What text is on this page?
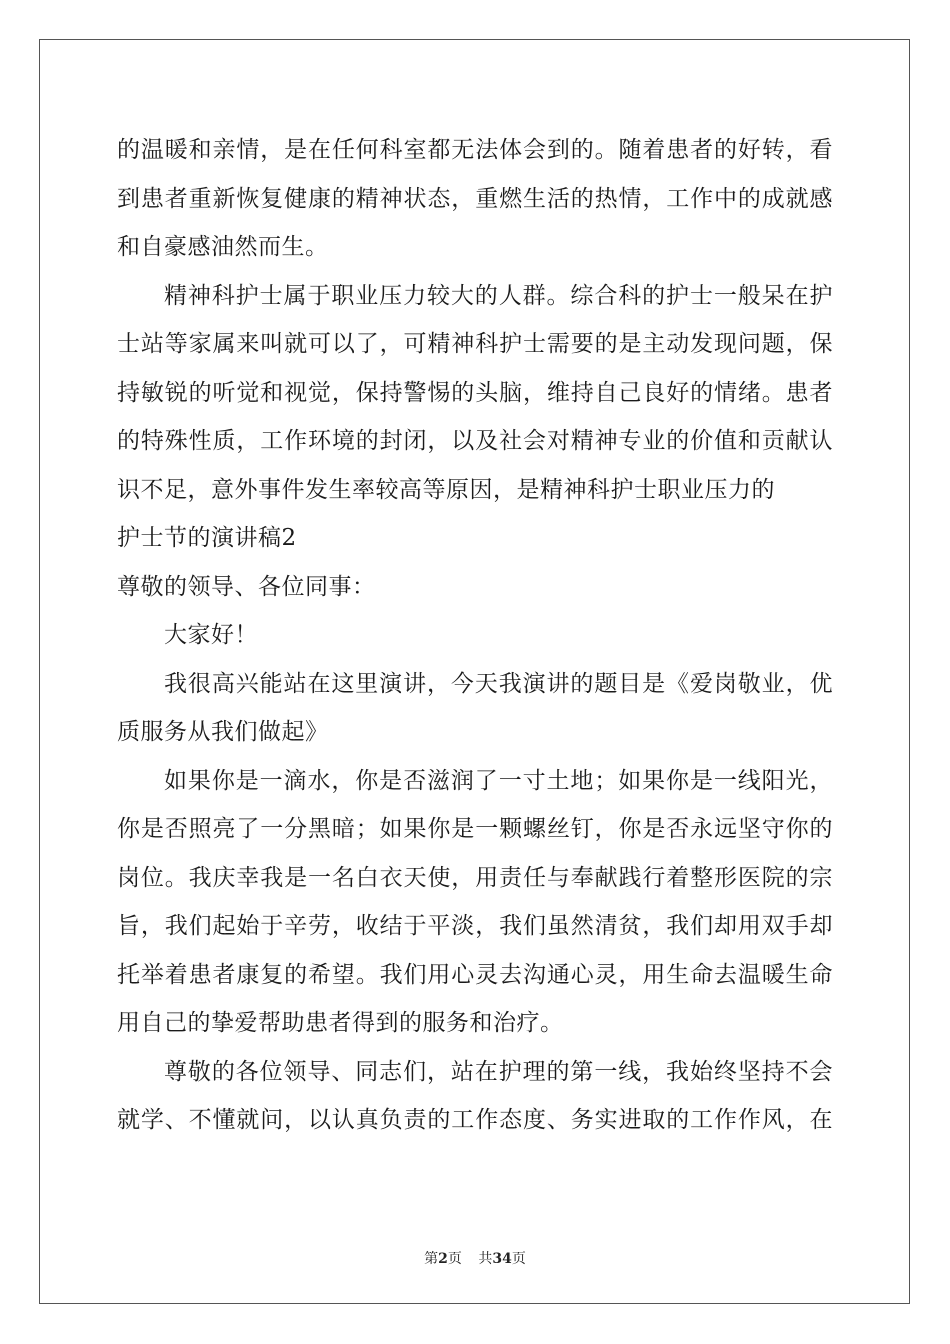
的温暖和亲情，是在任何科室都无法体会到的。随着患者的好转，看
到患者重新恢复健康的精神状态，重燃生活的热情，工作中的成就感
和自豪感油然而生。
精神科护士属于职业压力较大的人群。综合科的护士一般呆在护
士站等家属来叫就可以了，可精神科护士需要的是主动发现问题，保
持敏锐的听觉和视觉，保持警惕的头脑，维持自己良好的情绪。患者
的特殊性质，工作环境的封闭，以及社会对精神专业的价值和贡献认
识不足，意外事件发生率较高等原因，是精神科护士职业压力的
护士节的演讲稿2
尊敬的领导、各位同事：
大家好！
我很高兴能站在这里演讲，今天我演讲的题目是《爱岗敬业，优
质服务从我们做起》
如果你是一滴水，你是否滋润了一寸土地；如果你是一线阳光，
你是否照亮了一分黑暗；如果你是一颗螺丝钉，你是否永远坚守你的
岗位。我庆幸我是一名白衣天使，用责任与奉献践行着整形医院的宗
旨，我们起始于辛劳，收结于平淡，我们虽然清贫，我们却用双手却
托举着患者康复的希望。我们用心灵去沟通心灵，用生命去温暖生命
用自己的挚爱帮助患者得到的服务和治疗。
尊敬的各位领导、同志们，站在护理的第一线，我始终坚持不会
就学、不懂就问，以认真负责的工作态度、务实进取的工作作风，在
第2页 共34页
